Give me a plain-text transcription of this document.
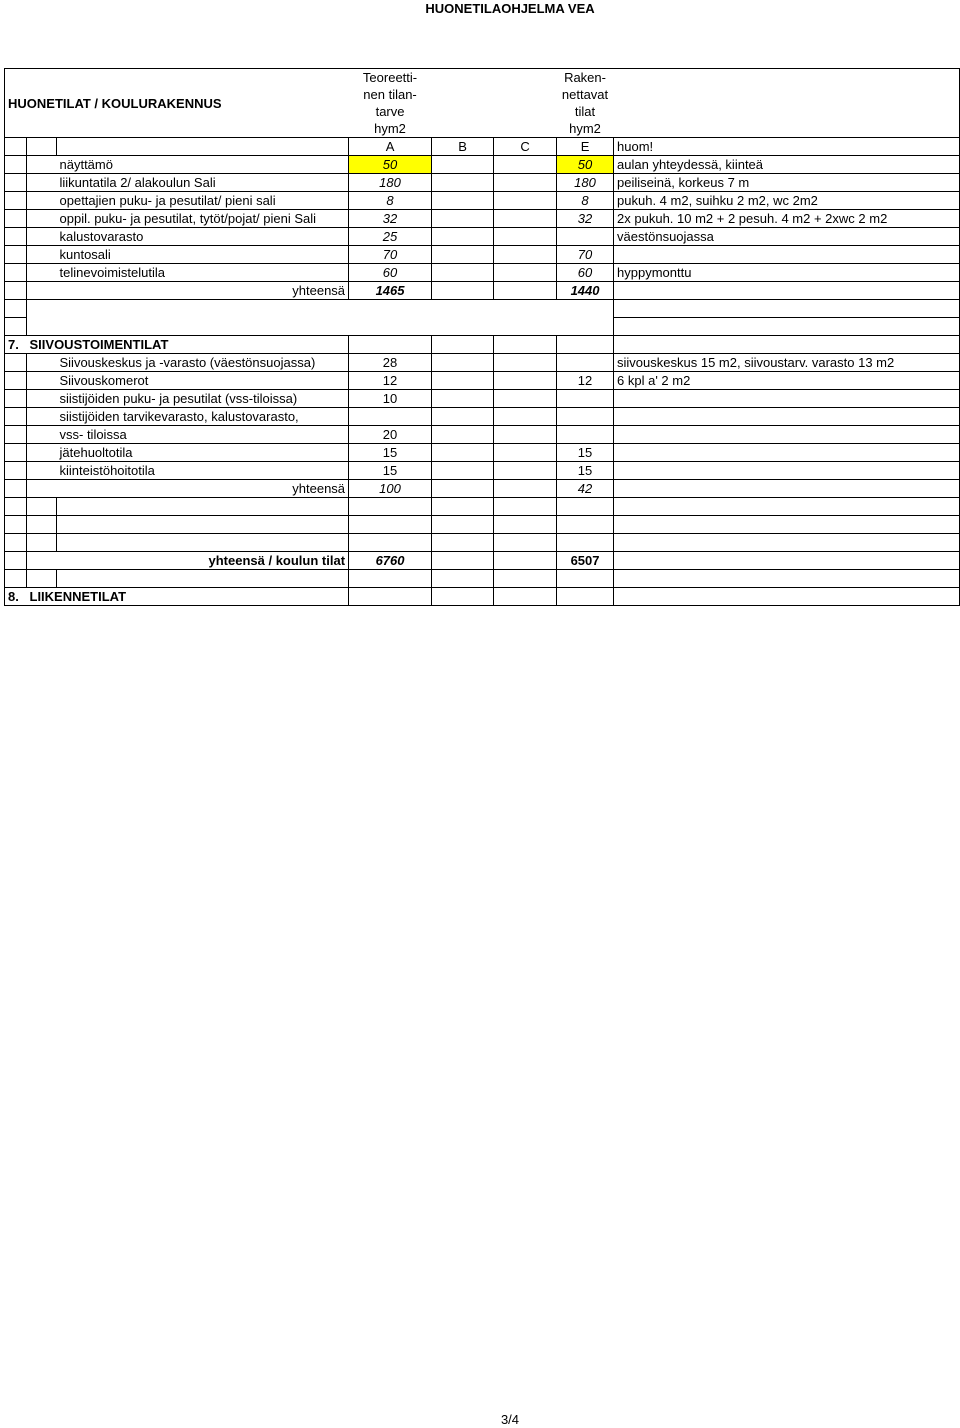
HUONETILAOHJELMA VEA
			Teoreetti-			Raken-	
HUONETILAT / KOULURAKENNUS			nen tilan-			nettavat	
			tarve			tilat	
			hym2			hym2	
			A	B	C	E	huom!
		näyttämö	50			50	aulan yhteydessä, kiinteä
		liikuntatila 2/ alakoulun Sali	180			180	peiliseinä, korkeus 7 m
		opettajien puku- ja pesutilat/ pieni sali	8			8	pukuh. 4 m2, suihku 2 m2, wc 2m2
		oppil. puku- ja pesutilat, tytöt/pojat/ pieni Sali	32			32	2x pukuh. 10 m2 + 2 pesuh. 4 m2 + 2xwc 2 m2
		kalustovarasto	25				väestönsuojassa
		kuntosali	70			70	
		telinevoimistelutila	60			60	hyppymonttu
		yhteensä	1465			1440	

7.	SIIVOUSTOIMENTILAT						
		Siivouskeskus ja -varasto (väestönsuojassa)	28				siivouskeskus 15 m2, siivoustarv. varasto 13 m2
		Siivouskomerot	12			12	6 kpl a' 2 m2
		siistijöiden puku- ja pesutilat (vss-tiloissa)	10				
		siistijöiden tarvikevarasto, kalustovarasto,					
		vss- tiloissa	20				
		jätehuoltotila	15			15	
		kiinteistöhoitotila	15			15	
		yhteensä	100			42	

		yhteensä / koulun tilat	6760			6507	

8.	LIIKENNETILAT						
3/4
